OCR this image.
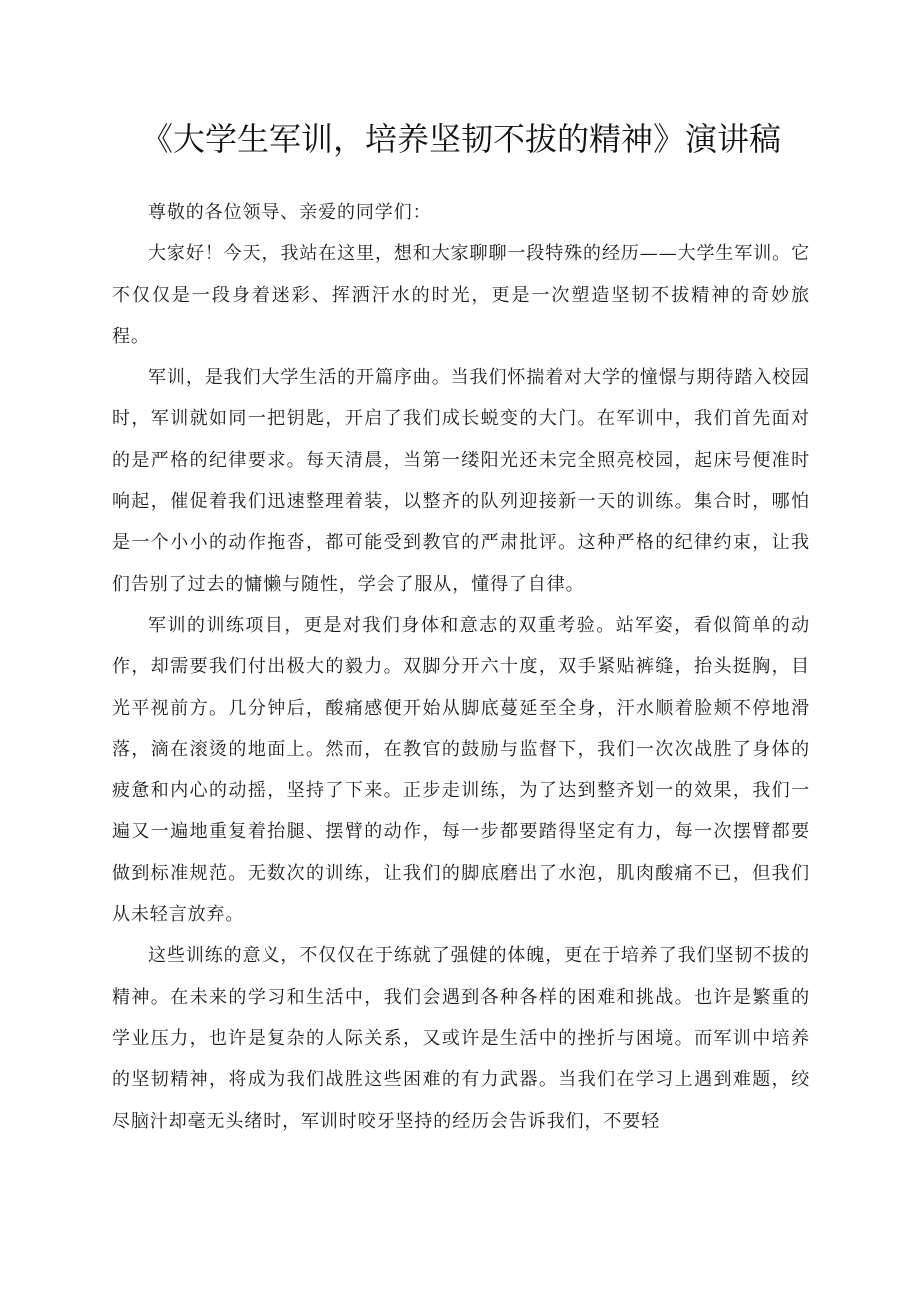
《大学生军训，培养坚韧不拔的精神》演讲稿

尊敬的各位领导、亲爱的同学们：

大家好！今天，我站在这里，想和大家聊聊一段特殊的经历——大学生军训。它不仅仅是一段身着迷彩、挥洒汗水的时光，更是一次塑造坚韧不拔精神的奇妙旅程。

军训，是我们大学生活的开篇序曲。当我们怀揣着对大学的憧憬与期待踏入校园时，军训就如同一把钥匙，开启了我们成长蜕变的大门。在军训中，我们首先面对的是严格的纪律要求。每天清晨，当第一缕阳光还未完全照亮校园，起床号便准时响起，催促着我们迅速整理着装，以整齐的队列迎接新一天的训练。集合时，哪怕是一个小小的动作拖沓，都可能受到教官的严肃批评。这种严格的纪律约束，让我们告别了过去的慵懒与随性，学会了服从，懂得了自律。

军训的训练项目，更是对我们身体和意志的双重考验。站军姿，看似简单的动作，却需要我们付出极大的毅力。双脚分开六十度，双手紧贴裤缝，抬头挺胸，目光平视前方。几分钟后，酸痛感便开始从脚底蔓延至全身，汗水顺着脸颊不停地滑落，滴在滚烫的地面上。然而，在教官的鼓励与监督下，我们一次次战胜了身体的疲惫和内心的动摇，坚持了下来。正步走训练，为了达到整齐划一的效果，我们一遍又一遍地重复着抬腿、摆臂的动作，每一步都要踏得坚定有力，每一次摆臂都要做到标准规范。无数次的训练，让我们的脚底磨出了水泡，肌肉酸痛不已，但我们从未轻言放弃。

这些训练的意义，不仅仅在于练就了强健的体魄，更在于培养了我们坚韧不拔的精神。在未来的学习和生活中，我们会遇到各种各样的困难和挑战。也许是繁重的学业压力，也许是复杂的人际关系，又或许是生活中的挫折与困境。而军训中培养的坚韧精神，将成为我们战胜这些困难的有力武器。当我们在学习上遇到难题，绞尽脑汁却毫无头绪时，军训时咬牙坚持的经历会告诉我们，不要轻
